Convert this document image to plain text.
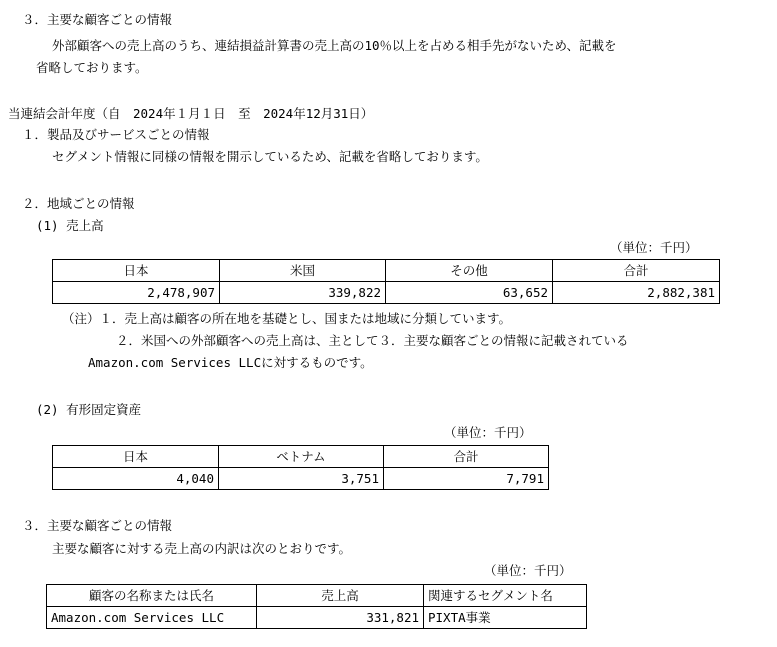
３．主要な顧客ごとの情報
外部顧客への売上高のうち、連結損益計算書の売上高の10％以上を占める相手先がないため、記載を
省略しております。
当連結会計年度（自　2024年１月１日　至　2024年12月31日）
１．製品及びサービスごとの情報
セグメント情報に同様の情報を開示しているため、記載を省略しております。
２．地域ごとの情報
(1) 売上高
（単位：千円）
日本	米国	その他	合計
2,478,907	339,822	63,652	2,882,381
（注）１．売上高は顧客の所在地を基礎とし、国または地域に分類しています。
２．米国への外部顧客への売上高は、主として３．主要な顧客ごとの情報に記載されている
Amazon.com Services LLCに対するものです。
(2) 有形固定資産
（単位：千円）
日本	ベトナム	合計
4,040	3,751	7,791
３．主要な顧客ごとの情報
主要な顧客に対する売上高の内訳は次のとおりです。
（単位：千円）
顧客の名称または氏名	売上高	関連するセグメント名
Amazon.com Services LLC	331,821	PIXTA事業
